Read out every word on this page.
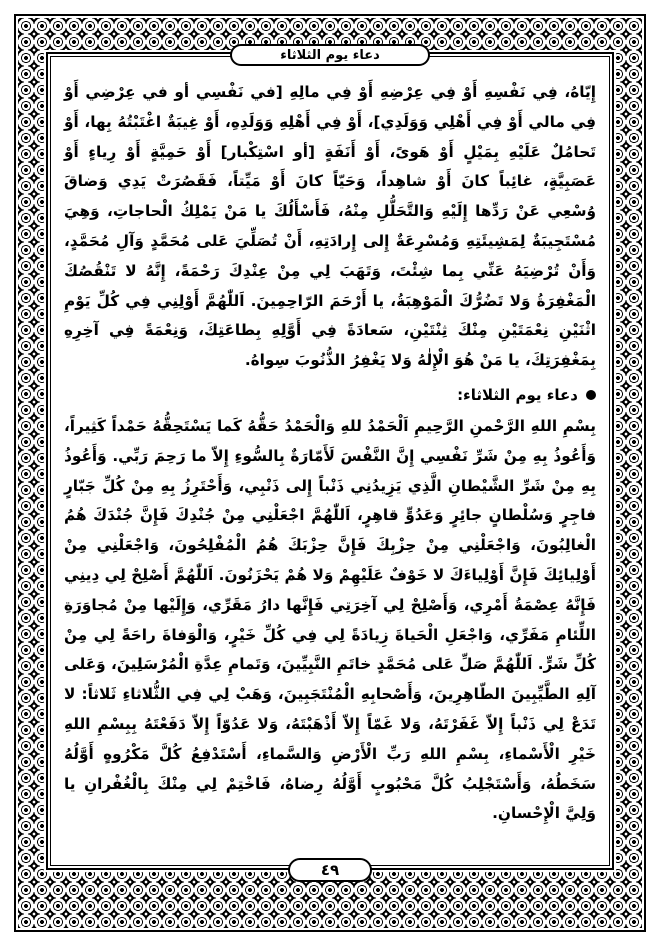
دعاء يوم الثلاثاء

إِيّاهُ، فِي نَفْسِهِ أَوْ فِي عِرْضِهِ أَوْ فِي مالِهِ [في نَفْسِي أو في عِرْضِي أَوْ فِي مالي أَوْ فِي أَهْلِي وَوَلَدِي]، أَوْ فِي أَهْلِهِ وَوَلَدِهِ، أَوْ غِيبَةٌ اغْتَبْتُهُ بِها، أَوْ تَحامُلٌ عَلَيْهِ بِمَيْلٍ أَوْ هَوىً، أَوْ أَنَفَةٍ [أو اسْتِكْبار] أَوْ حَمِيَّةٍ أَوْ رِياءٍ أَوْ عَصَبِيَّةٍ، غائِباً كانَ أَوْ شاهِداً، وَحَيّاً كانَ أَوْ مَيِّتاً، فَقَصُرَتْ يَدِي وَضاقَ وُسْعِي عَنْ رَدِّها إِلَيْهِ وَالتَّحَلُّلِ مِنْهُ، فَأَسْأَلُكَ يا مَنْ يَمْلِكُ الْحاجاتِ، وَهِيَ مُسْتَجِيبَةٌ لِمَشِيئَتِهِ وَمُسْرِعَةٌ إِلى إِرادَتِهِ، أَنْ تُصَلِّيَ عَلى مُحَمَّدٍ وَآلِ مُحَمَّدٍ، وَأَنْ تُرْضِيَهُ عَنِّي بِما شِئْتَ، وَتَهَبَ لِي مِنْ عِنْدِكَ رَحْمَةً، إِنَّهُ لا تَنْقُصُكَ الْمَغْفِرَةُ وَلا تَضُرُّكَ الْمَوْهِبَةُ، يا أَرْحَمَ الرّاحِمِينَ. اَللّٰهُمَّ أَوْلِنِي فِي كُلِّ يَوْمِ اثْنَيْنِ نِعْمَتَيْنِ مِنْكَ ثِنْتَيْنِ، سَعادَةً فِي أَوَّلِهِ بِطاعَتِكَ، وَنِعْمَةً فِي آخِرِهِ بِمَغْفِرَتِكَ، يا مَنْ هُوَ الْإِلٰهُ وَلا يَغْفِرُ الذُّنُوبَ سِواهُ.

دعاء يوم الثلاثاء:

بِسْمِ اللهِ الرَّحْمنِ الرَّحِيمِ اَلْحَمْدُ للهِ وَالْحَمْدُ حَقُّهُ كَما يَسْتَحِقُّهُ حَمْداً كَثِيراً، وَأَعُوذُ بِهِ مِنْ شَرِّ نَفْسِي إِنَّ النَّفْسَ لَأَمّارَةٌ بِالسُّوءِ إِلاّ ما رَحِمَ رَبِّي. وَأَعُوذُ بِهِ مِنْ شَرِّ الشَّيْطانِ الَّذِي يَزِيدُنِي ذَنْباً إِلى ذَنْبِي، وَأَحْتَرِزُ بِهِ مِنْ كُلِّ جَبّارٍ فاجِرٍ وَسُلْطانٍ جائِرٍ وَعَدُوٍّ قاهِرٍ، اَللّٰهُمَّ اجْعَلْنِي مِنْ جُنْدِكَ فَإِنَّ جُنْدَكَ هُمُ الْغالِبُونَ، وَاجْعَلْنِي مِنْ حِزْبِكَ فَإِنَّ حِزْبَكَ هُمُ الْمُفْلِحُونَ، وَاجْعَلْنِي مِنْ أَوْلِيائِكَ فَإِنَّ أَوْلِياءَكَ لا خَوْفٌ عَلَيْهِمْ وَلا هُمْ يَحْزَنُونَ. اَللّٰهُمَّ أَصْلِحْ لِي دِينِي فَإِنَّهُ عِصْمَةُ أَمْرِي، وَأَصْلِحْ لِي آخِرَتِي فَإِنَّها دارُ مَقَرِّي، وَإِلَيْها مِنْ مُجاوَرَةِ اللِّئامِ مَفَرِّي، وَاجْعَلِ الْحَياةَ زِيادَةً لِي فِي كُلِّ خَيْرٍ، وَالْوَفاةَ راحَةً لِي مِنْ كُلِّ شَرٍّ. اَللّٰهُمَّ صَلِّ عَلى مُحَمَّدٍ خاتَمِ النَّبِيِّينَ، وَتَمامِ عِدَّةِ الْمُرْسَلِينَ، وَعَلى آلِهِ الطَّيِّبِينَ الطّاهِرِينَ، وَأَصْحابِهِ الْمُنْتَجَبِينَ، وَهَبْ لِي فِي الثُّلاثاءِ ثَلاثاً: لا تَدَعْ لِي ذَنْباً إِلاّ غَفَرْتَهُ، وَلا غَمّاً إِلاّ أَذْهَبْتَهُ، وَلا عَدُوّاً إِلاّ دَفَعْتَهُ بِبِسْمِ اللهِ خَيْرِ الْأَسْماءِ، بِسْمِ اللهِ رَبِّ الْأَرْضِ وَالسَّماءِ، أَسْتَدْفِعُ كُلَّ مَكْرُوهٍ أَوَّلُهُ سَخَطُهُ، وَأَسْتَجْلِبُ كُلَّ مَحْبُوبٍ أَوَّلُهُ رِضاهُ، فَاخْتِمْ لِي مِنْكَ بِالْغُفْرانِ يا وَلِيَّ الْإِحْسانِ.

٤٩
